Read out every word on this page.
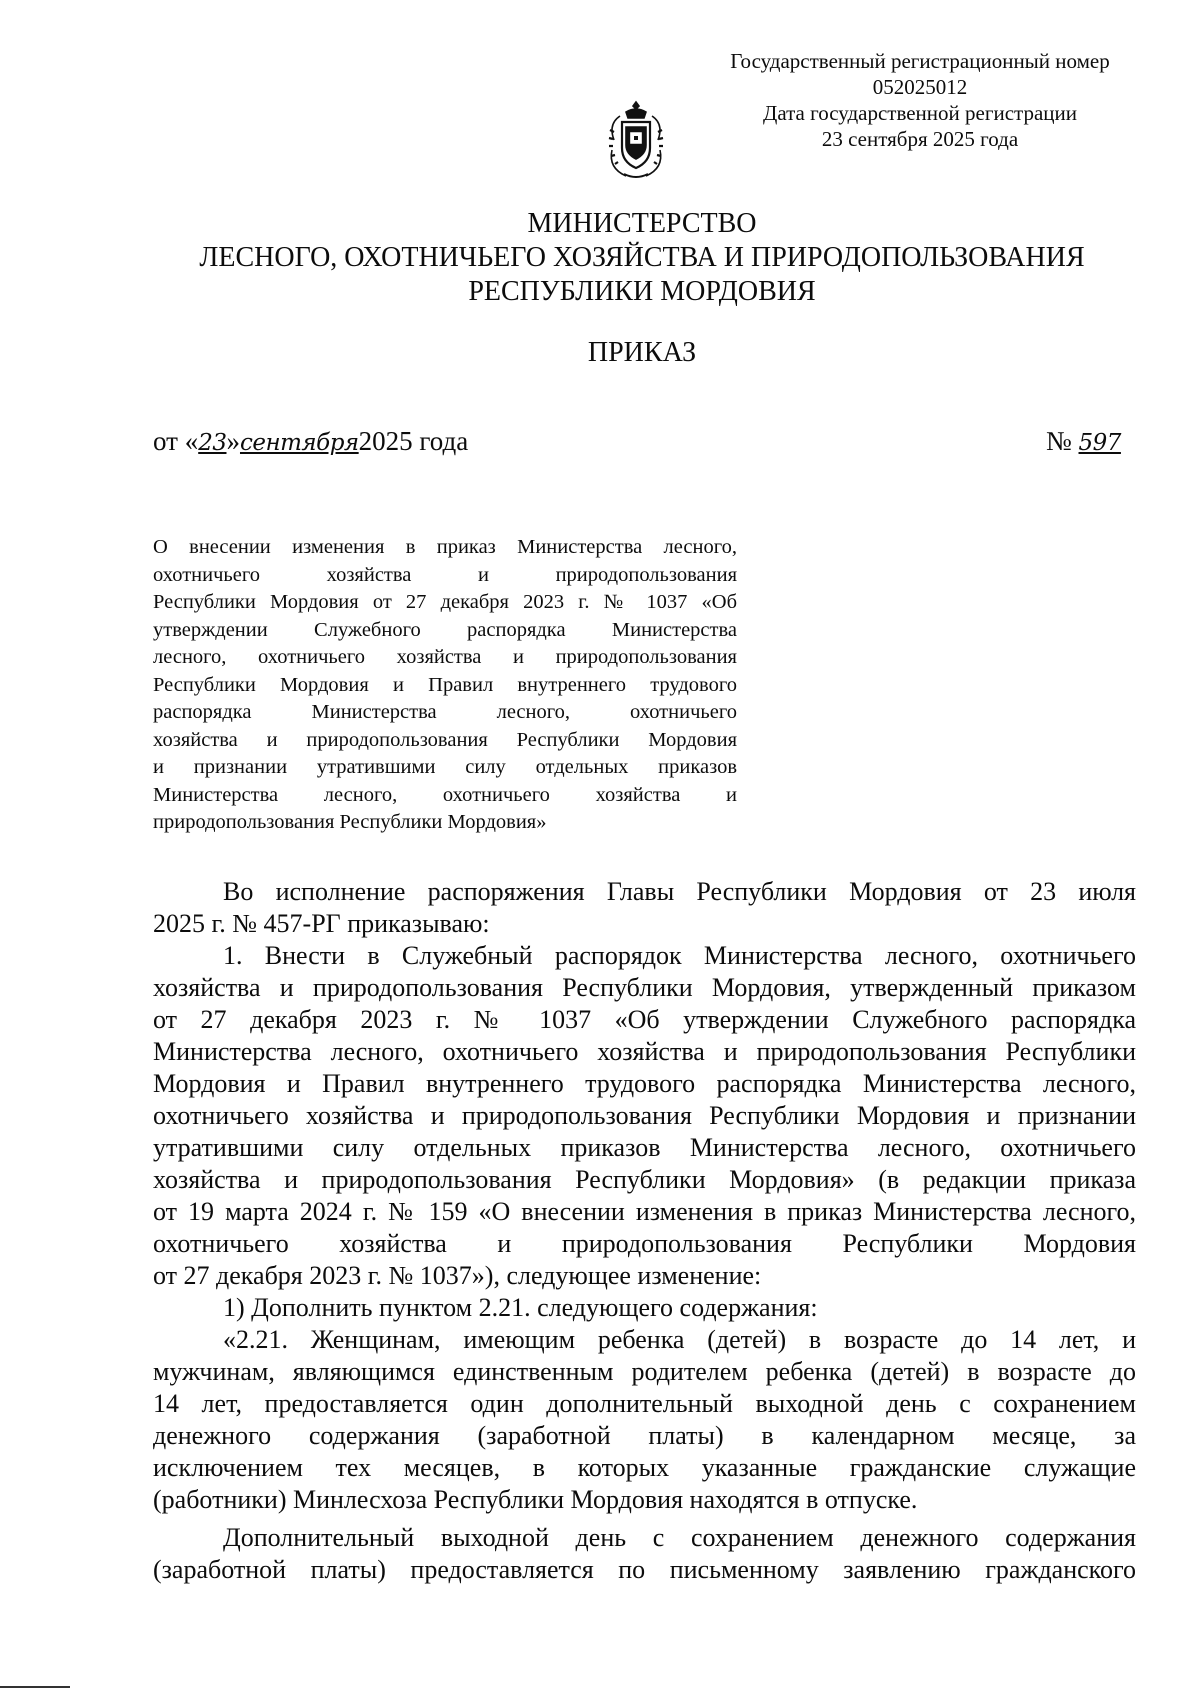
Государственный регистрационный номер
052025012
Дата государственной регистрации
23 сентября 2025 года
МИНИСТЕРСТВО
ЛЕСНОГО, ОХОТНИЧЬЕГО ХОЗЯЙСТВА И ПРИРОДОПОЛЬЗОВАНИЯ
РЕСПУБЛИКИ МОРДОВИЯ
ПРИКАЗ
от «23»сентября2025 года	№ 597
О внесении изменения в приказ Министерства лесного,
охотничьего хозяйства и природопользования
Республики Мордовия от 27 декабря 2023 г. № 1037 «Об
утверждении Служебного распорядка Министерства
лесного, охотничьего хозяйства и природопользования
Республики Мордовия и Правил внутреннего трудового
распорядка Министерства лесного, охотничьего
хозяйства и природопользования Республики Мордовия
и признании утратившими силу отдельных приказов
Министерства лесного, охотничьего хозяйства и
природопользования Республики Мордовия»
Во исполнение распоряжения Главы Республики Мордовия от 23 июля
2025 г. № 457-РГ приказываю:
1. Внести в Служебный распорядок Министерства лесного, охотничьего
хозяйства и природопользования Республики Мордовия, утвержденный приказом
от 27 декабря 2023 г. № 1037 «Об утверждении Служебного распорядка
Министерства лесного, охотничьего хозяйства и природопользования Республики
Мордовия и Правил внутреннего трудового распорядка Министерства лесного,
охотничьего хозяйства и природопользования Республики Мордовия и признании
утратившими силу отдельных приказов Министерства лесного, охотничьего
хозяйства и природопользования Республики Мордовия» (в редакции приказа
от 19 марта 2024 г. № 159 «О внесении изменения в приказ Министерства лесного,
охотничьего хозяйства и природопользования Республики Мордовия
от 27 декабря 2023 г. № 1037»), следующее изменение:
1) Дополнить пунктом 2.21. следующего содержания:
«2.21. Женщинам, имеющим ребенка (детей) в возрасте до 14 лет, и
мужчинам, являющимся единственным родителем ребенка (детей) в возрасте до
14 лет, предоставляется один дополнительный выходной день с сохранением
денежного содержания (заработной платы) в календарном месяце, за
исключением тех месяцев, в которых указанные гражданские служащие
(работники) Минлесхоза Республики Мордовия находятся в отпуске.
Дополнительный выходной день с сохранением денежного содержания
(заработной платы) предоставляется по письменному заявлению гражданского
